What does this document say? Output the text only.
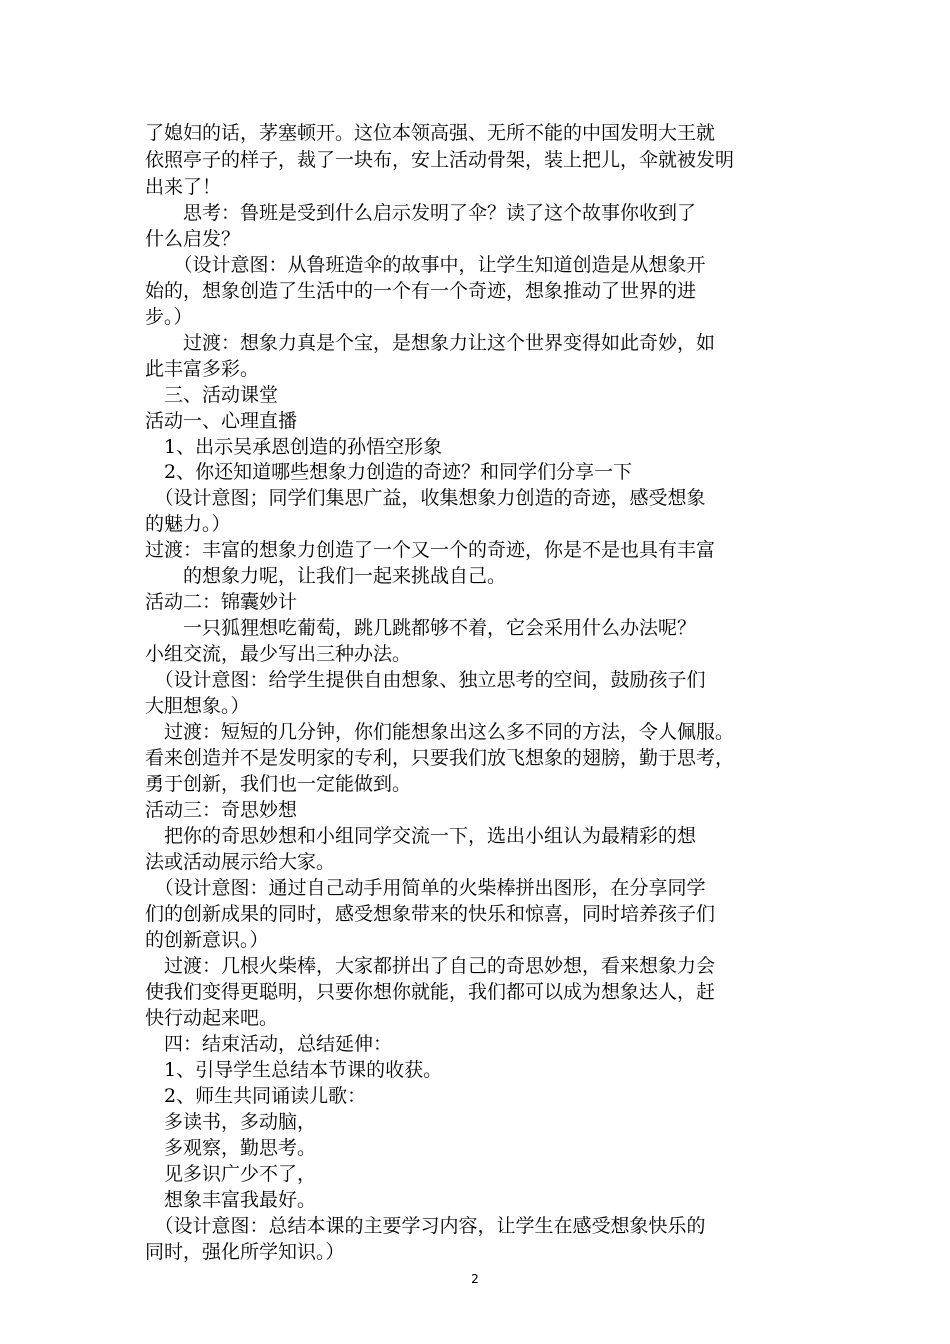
了媳妇的话，茅塞顿开。这位本领高强、无所不能的中国发明大王就
依照亭子的样子，裁了一块布，安上活动骨架，装上把儿，伞就被发明
出来了！
　　思考：鲁班是受到什么启示发明了伞？读了这个故事你收到了
什么启发？
　　（设计意图：从鲁班造伞的故事中，让学生知道创造是从想象开
始的，想象创造了生活中的一个有一个奇迹，想象推动了世界的进
步。）
　　过渡：想象力真是个宝，是想象力让这个世界变得如此奇妙，如
此丰富多彩。
　三、活动课堂
活动一、心理直播
　1、出示吴承恩创造的孙悟空形象
　2、你还知道哪些想象力创造的奇迹？和同学们分享一下
　（设计意图；同学们集思广益，收集想象力创造的奇迹，感受想象
的魅力。）
过渡：丰富的想象力创造了一个又一个的奇迹，你是不是也具有丰富
　　的想象力呢，让我们一起来挑战自己。
活动二：锦囊妙计
　　一只狐狸想吃葡萄，跳几跳都够不着，它会采用什么办法呢？
小组交流，最少写出三种办法。
　（设计意图：给学生提供自由想象、独立思考的空间，鼓励孩子们
大胆想象。）
　过渡：短短的几分钟，你们能想象出这么多不同的方法，令人佩服。
看来创造并不是发明家的专利，只要我们放飞想象的翅膀，勤于思考，
勇于创新，我们也一定能做到。
活动三：奇思妙想
　把你的奇思妙想和小组同学交流一下，选出小组认为最精彩的想
法或活动展示给大家。
　（设计意图：通过自己动手用简单的火柴棒拼出图形，在分享同学
们的创新成果的同时，感受想象带来的快乐和惊喜，同时培养孩子们
的创新意识。）
　过渡：几根火柴棒，大家都拼出了自己的奇思妙想，看来想象力会
使我们变得更聪明，只要你想你就能，我们都可以成为想象达人，赶
快行动起来吧。
　四：结束活动，总结延伸：
　1、引导学生总结本节课的收获。
　2、师生共同诵读儿歌：
　多读书，多动脑，
　多观察，勤思考。
　见多识广少不了，
　想象丰富我最好。
　（设计意图：总结本课的主要学习内容，让学生在感受想象快乐的
同时，强化所学知识。）
2
